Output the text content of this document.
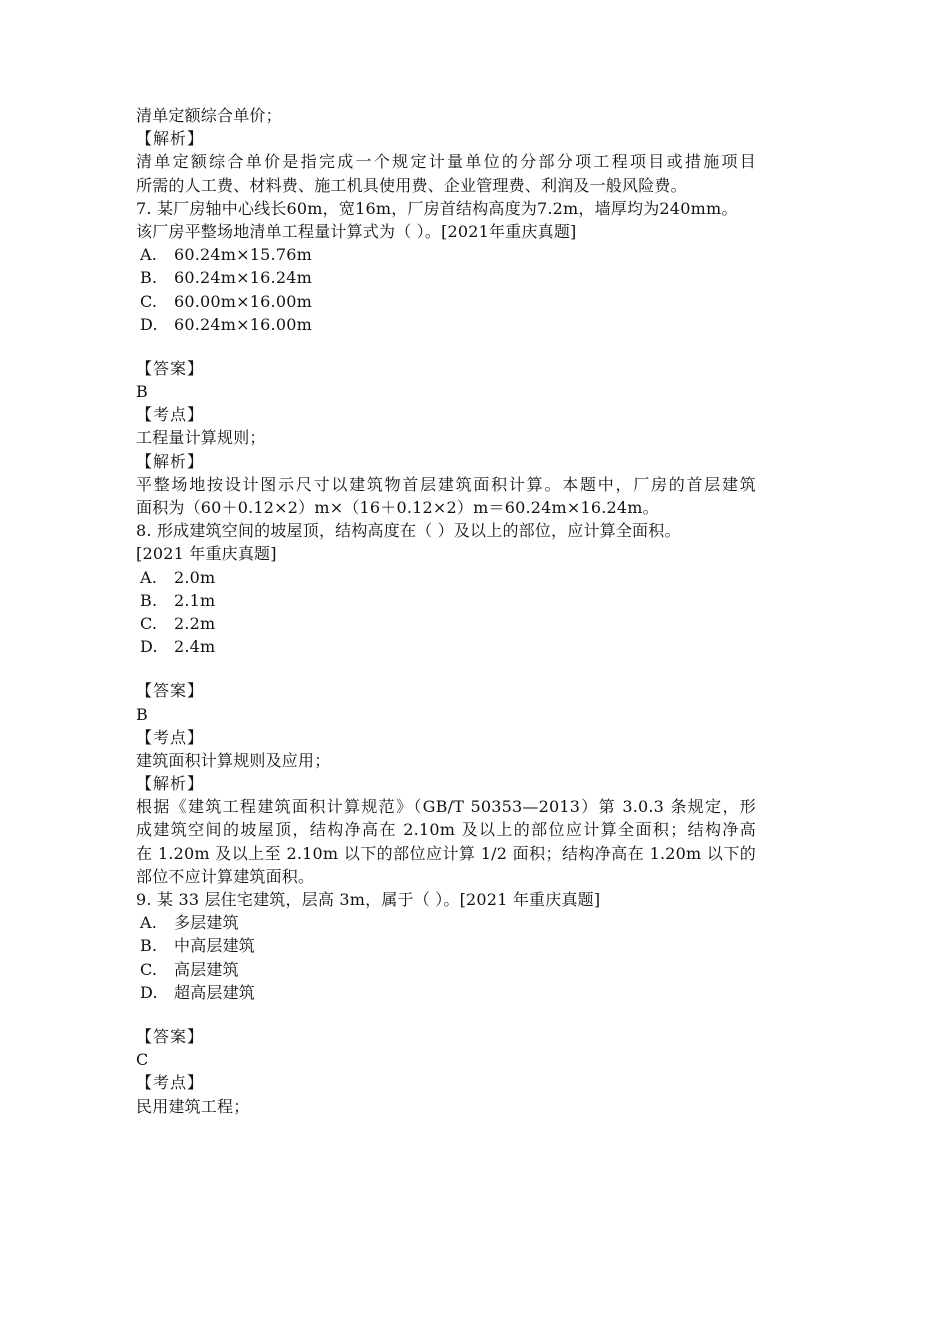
清单定额综合单价；
【解析】
清单定额综合单价是指完成一个规定计量单位的分部分项工程项目或措施项目
所需的人工费、材料费、施工机具使用费、企业管理费、利润及一般风险费。
7. 某厂房轴中心线长60m，宽16m，厂房首结构高度为7.2m，墙厚均为240mm。
该厂房平整场地清单工程量计算式为（ ）。[2021年重庆真题]
A. 60.24m×15.76m
B. 60.24m×16.24m
C. 60.00m×16.00m
D. 60.24m×16.00m
【答案】
B
【考点】
工程量计算规则；
【解析】
平整场地按设计图示尺寸以建筑物首层建筑面积计算。本题中，厂房的首层建筑
面积为（60＋0.12×2）m×（16＋0.12×2）m＝60.24m×16.24m。
8. 形成建筑空间的坡屋顶，结构高度在（ ）及以上的部位，应计算全面积。
[2021 年重庆真题]
A. 2.0m
B. 2.1m
C. 2.2m
D. 2.4m
【答案】
B
【考点】
建筑面积计算规则及应用；
【解析】
根据《建筑工程建筑面积计算规范》（GB/T 50353—2013）第 3.0.3 条规定，形
成建筑空间的坡屋顶，结构净高在 2.10m 及以上的部位应计算全面积；结构净高
在 1.20m 及以上至 2.10m 以下的部位应计算 1/2 面积；结构净高在 1.20m 以下的
部位不应计算建筑面积。
9. 某 33 层住宅建筑，层高 3m，属于（ ）。[2021 年重庆真题]
A. 多层建筑
B. 中高层建筑
C. 高层建筑
D. 超高层建筑
【答案】
C
【考点】
民用建筑工程；
